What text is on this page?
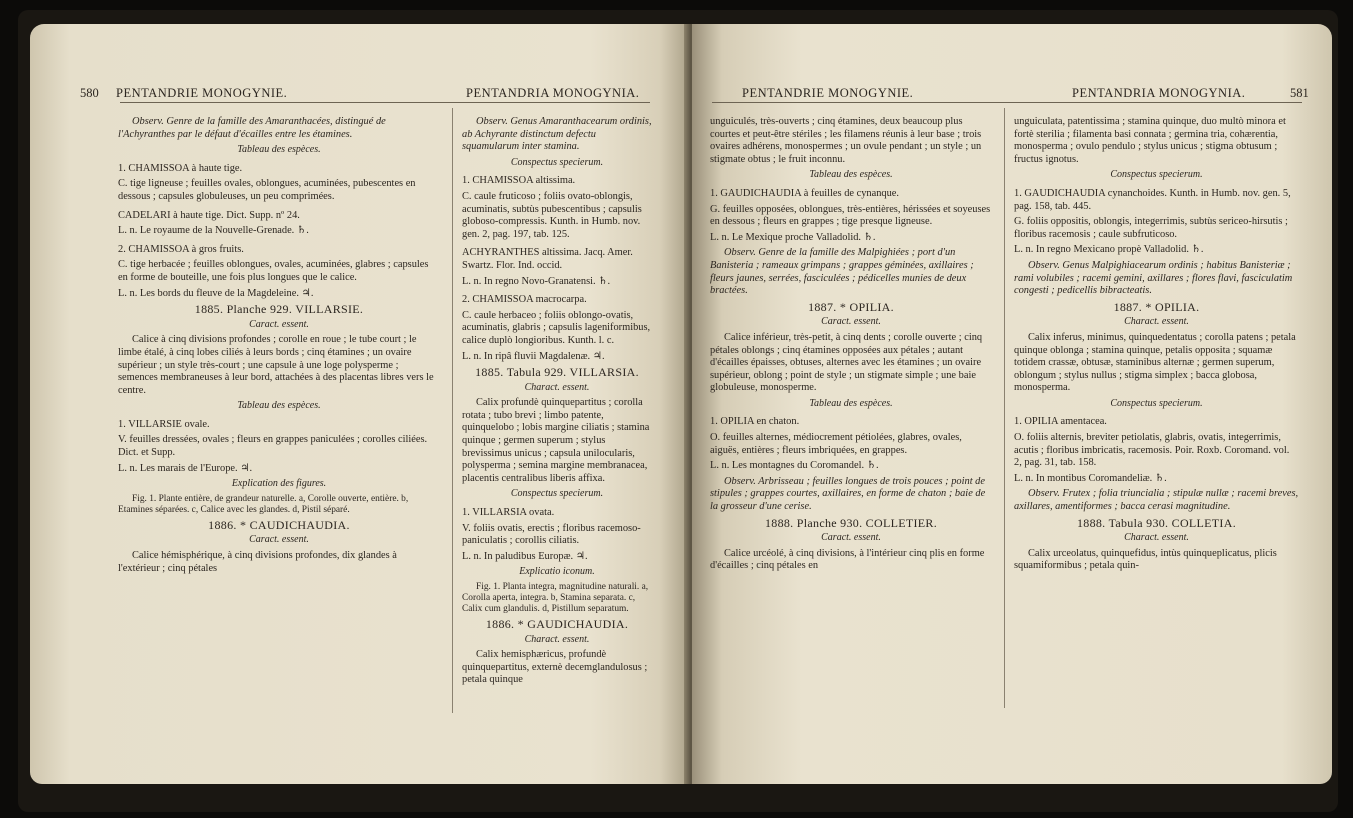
580 PENTANDRIE MONOGYNIE.	PENTANDRIA MONOGYNIA.

Observ. Genre de la famille des Amaranthacées, distingué de l'Achyranthes par le défaut d'écailles entre les étamines.

Tableau des espèces.

1. CHAMISSOA à haute tige.

C. tige ligneuse ; feuilles ovales, oblongues, acuminées, pubescentes en dessous ; capsules globuleuses, un peu comprimées.

CADELARI à haute tige. Dict. Supp. nº 24.

L. n. Le royaume de la Nouvelle-Grenade. ♄.

2. CHAMISSOA à gros fruits.

C. tige herbacée ; feuilles oblongues, ovales, acuminées, glabres ; capsules en forme de bouteille, une fois plus longues que le calice.

L. n. Les bords du fleuve de la Magdeleine. ♃.

1885. Planche 929. VILLARSIE.

Caract. essent.

Calice à cinq divisions profondes ; corolle en roue ; le tube court ; le limbe étalé, à cinq lobes ciliés à leurs bords ; cinq étamines ; un ovaire supérieur ; un style très-court ; une capsule à une loge polysperme ; semences membraneuses à leur bord, attachées à des placentas libres vers le centre.

Tableau des espèces.

1. VILLARSIE ovale.

V. feuilles dressées, ovales ; fleurs en grappes paniculées ; corolles ciliées. Dict. et Supp.

L. n. Les marais de l'Europe. ♃.

Explication des figures.

Fig. 1. Plante entière, de grandeur naturelle. a, Corolle ouverte, entière. b, Etamines séparées. c, Calice avec les glandes. d, Pistil séparé.

1886. * CAUDICHAUDIA.

Caract. essent.

Calice hémisphérique, à cinq divisions profondes, dix glandes à l'extérieur ; cinq pétales

Observ. Genus Amaranthacearum ordinis, ab Achyrante distinctum defectu squamularum inter stamina.

Conspectus specierum.

1. CHAMISSOA altissima.

C. caule fruticoso ; foliis ovato-oblongis, acuminatis, subtùs pubescentibus ; capsulis globoso-compressis. Kunth. in Humb. nov. gen. 2, pag. 197, tab. 125.

ACHYRANTHES altissima. Jacq. Amer. Swartz. Flor. Ind. occid.

L. n. In regno Novo-Granatensi. ♄.

2. CHAMISSOA macrocarpa.

C. caule herbaceo ; foliis oblongo-ovatis, acuminatis, glabris ; capsulis lageniformibus, calice duplò longioribus. Kunth. l. c.

L. n. In ripâ fluvii Magdalenæ. ♃.

1885. Tabula 929. VILLARSIA.

Charact. essent.

Calix profundè quinquepartitus ; corolla rotata ; tubo brevi ; limbo patente, quinquelobo ; lobis margine ciliatis ; stamina quinque ; germen superum ; stylus brevissimus unicus ; capsula unilocularis, polysperma ; semina margine membranacea, placentis centralibus liberis affixa.

Conspectus specierum.

1. VILLARSIA ovata.

V. foliis ovatis, erectis ; floribus racemoso-paniculatis ; corollis ciliatis.

L. n. In paludibus Europæ. ♃.

Explicatio iconum.

Fig. 1. Planta integra, magnitudine naturali. a, Corolla aperta, integra. b, Stamina separata. c, Calix cum glandulis. d, Pistillum separatum.

1886. * GAUDICHAUDIA.

Charact. essent.

Calix hemisphæricus, profundè quinquepartitus, externè decemglandulosus ; petala quinque

PENTANDRIE MONOGYNIE.	PENTANDRIA MONOGYNIA.	581

unguiculés, très-ouverts ; cinq étamines, deux beaucoup plus courtes et peut-être stériles ; les filamens réunis à leur base ; trois ovaires adhérens, monospermes ; un ovule pendant ; un style ; un stigmate obtus ; le fruit inconnu.

Tableau des espèces.

1. GAUDICHAUDIA à feuilles de cynanque.

G. feuilles opposées, oblongues, très-entières, hérissées et soyeuses en dessous ; fleurs en grappes ; tige presque ligneuse.

L. n. Le Mexique proche Valladolid. ♄.

Observ. Genre de la famille des Malpighiées ; port d'un Banisteria ; rameaux grimpans ; grappes géminées, axillaires ; fleurs jaunes, serrées, fasciculées ; pédicelles munies de deux bractées.

1887. * OPILIA.

Caract. essent.

Calice inférieur, très-petit, à cinq dents ; corolle ouverte ; cinq pétales oblongs ; cinq étamines opposées aux pétales ; autant d'écailles épaisses, obtuses, alternes avec les étamines ; un ovaire supérieur, oblong ; point de style ; un stigmate simple ; une baie globuleuse, monosperme.

Tableau des espèces.

1. OPILIA en chaton.

O. feuilles alternes, médiocrement pétiolées, glabres, ovales, aiguës, entières ; fleurs imbriquées, en grappes.

L. n. Les montagnes du Coromandel. ♄.

Observ. Arbrisseau ; feuilles longues de trois pouces ; point de stipules ; grappes courtes, axillaires, en forme de chaton ; baie de la grosseur d'une cerise.

1888. Planche 930. COLLETIER.

Caract. essent.

Calice urcéolé, à cinq divisions, à l'intérieur cinq plis en forme d'écailles ; cinq pétales en

unguiculata, patentissima ; stamina quinque, duo multò minora et fortè sterilia ; filamenta basi connata ; germina tria, cohærentia, monosperma ; ovulo pendulo ; stylus unicus ; stigma obtusum ; fructus ignotus.

Conspectus specierum.

1. GAUDICHAUDIA cynanchoides. Kunth. in Humb. nov. gen. 5, pag. 158, tab. 445.

G. foliis oppositis, oblongis, integerrimis, subtùs sericeo-hirsutis ; floribus racemosis ; caule subfruticoso.

L. n. In regno Mexicano propè Valladolid. ♄.

Observ. Genus Malpighiacearum ordinis ; habitus Banisteriæ ; rami volubiles ; racemi gemini, axillares ; flores flavi, fasciculatim congesti ; pedicellis bibracteatis.

1887. * OPILIA.

Charact. essent.

Calix inferus, minimus, quinquedentatus ; corolla patens ; petala quinque oblonga ; stamina quinque, petalis opposita ; squamæ totidem crassæ, obtusæ, staminibus alternæ ; germen superum, oblongum ; stylus nullus ; stigma simplex ; bacca globosa, monosperma.

Conspectus specierum.

1. OPILIA amentacea.

O. foliis alternis, breviter petiolatis, glabris, ovatis, integerrimis, acutis ; floribus imbricatis, racemosis. Poir. Roxb. Coromand. vol. 2, pag. 31, tab. 158.

L. n. In montibus Coromandeliæ. ♄.

Observ. Frutex ; folia triuncialia ; stipulæ nullæ ; racemi breves, axillares, amentiformes ; bacca cerasi magnitudine.

1888. Tabula 930. COLLETIA.

Charact. essent.

Calix urceolatus, quinquefidus, intùs quinqueplicatus, plicis squamiformibus ; petala quin-
